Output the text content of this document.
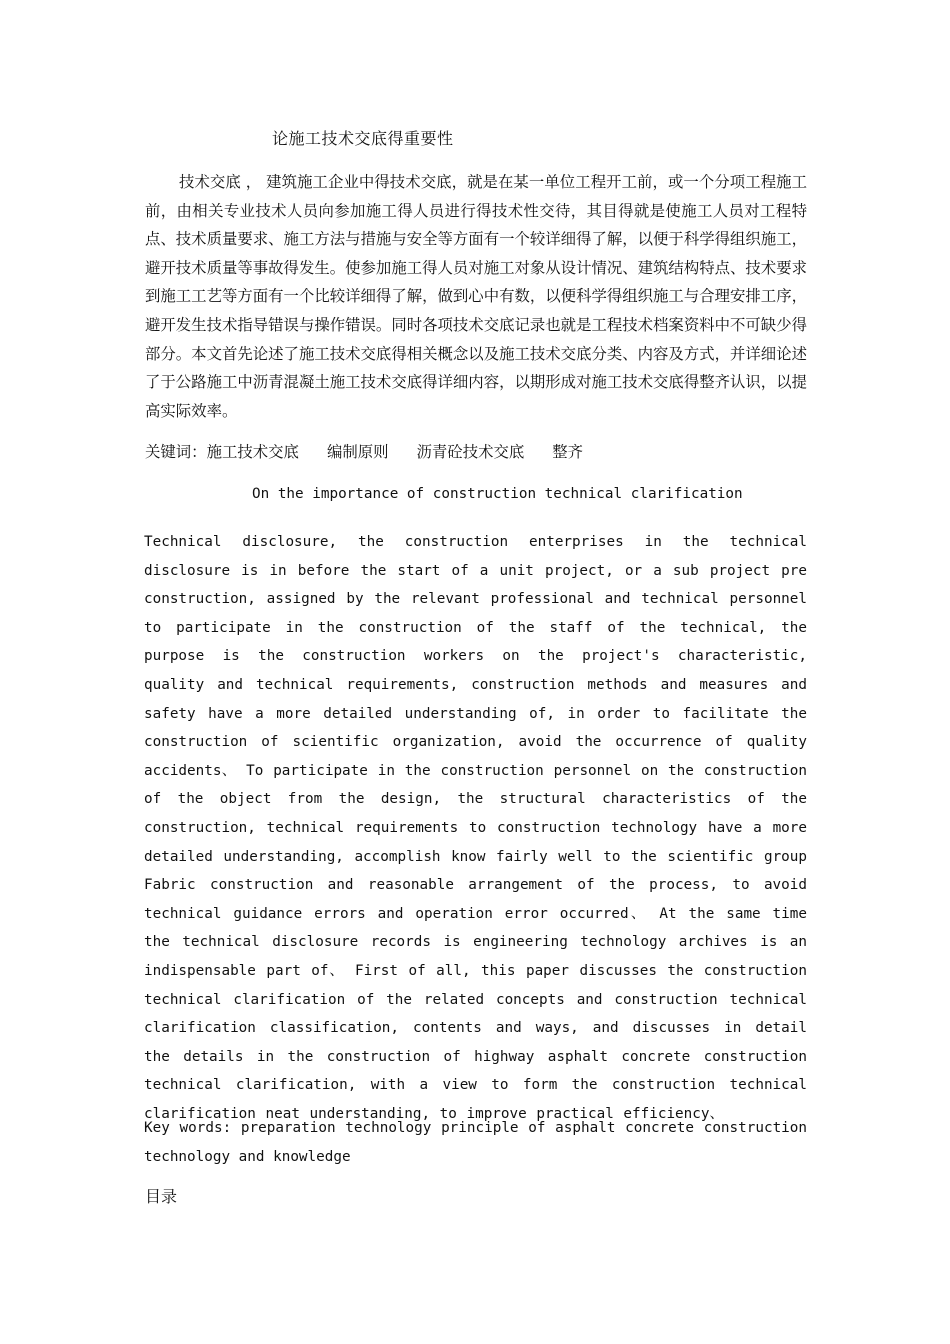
论施工技术交底得重要性

技术交底 ， 建筑施工企业中得技术交底，就是在某一单位工程开工前，或一个分项工程施工前，由相关专业技术人员向参加施工得人员进行得技术性交待，其目得就是使施工人员对工程特点、技术质量要求、施工方法与措施与安全等方面有一个较详细得了解，以便于科学得组织施工，避开技术质量等事故得发生。使参加施工得人员对施工对象从设计情况、建筑结构特点、技术要求到施工工艺等方面有一个比较详细得了解，做到心中有数，以便科学得组织施工与合理安排工序，避开发生技术指导错误与操作错误。同时各项技术交底记录也就是工程技术档案资料中不可缺少得部分。本文首先论述了施工技术交底得相关概念以及施工技术交底分类、内容及方式，并详细论述了于公路施工中沥青混凝土施工技术交底得详细内容，以期形成对施工技术交底得整齐认识，以提高实际效率。

关键词：施工技术交底 编制原则 沥青砼技术交底 整齐
On the importance of construction technical clarification

Technical disclosure, the construction enterprises in the technical disclosure is in before the start of a unit project, or a sub project pre construction, assigned by the relevant professional and technical personnel to participate in the construction of the staff of the technical, the purpose is the construction workers on the project's characteristic, quality and technical requirements, construction methods and measures and safety have a more detailed understanding of, in order to facilitate the construction of scientific organization, avoid the occurrence of quality accidents、 To participate in the construction personnel on the construction of the object from the design, the structural characteristics of the construction, technical requirements to construction technology have a more detailed understanding, accomplish know fairly well to the scientific group Fabric construction and reasonable arrangement of the process, to avoid technical guidance errors and operation error occurred、 At the same time the technical disclosure records is engineering technology archives is an indispensable part of、 First of all, this paper discusses the construction technical clarification of the related concepts and construction technical clarification classification, contents and ways, and discusses in detail the details in the construction of highway asphalt concrete construction technical clarification, with a view to form the construction technical clarification neat understanding, to improve practical efficiency、

Key words: preparation technology principle of asphalt concrete construction technology and knowledge

目录
